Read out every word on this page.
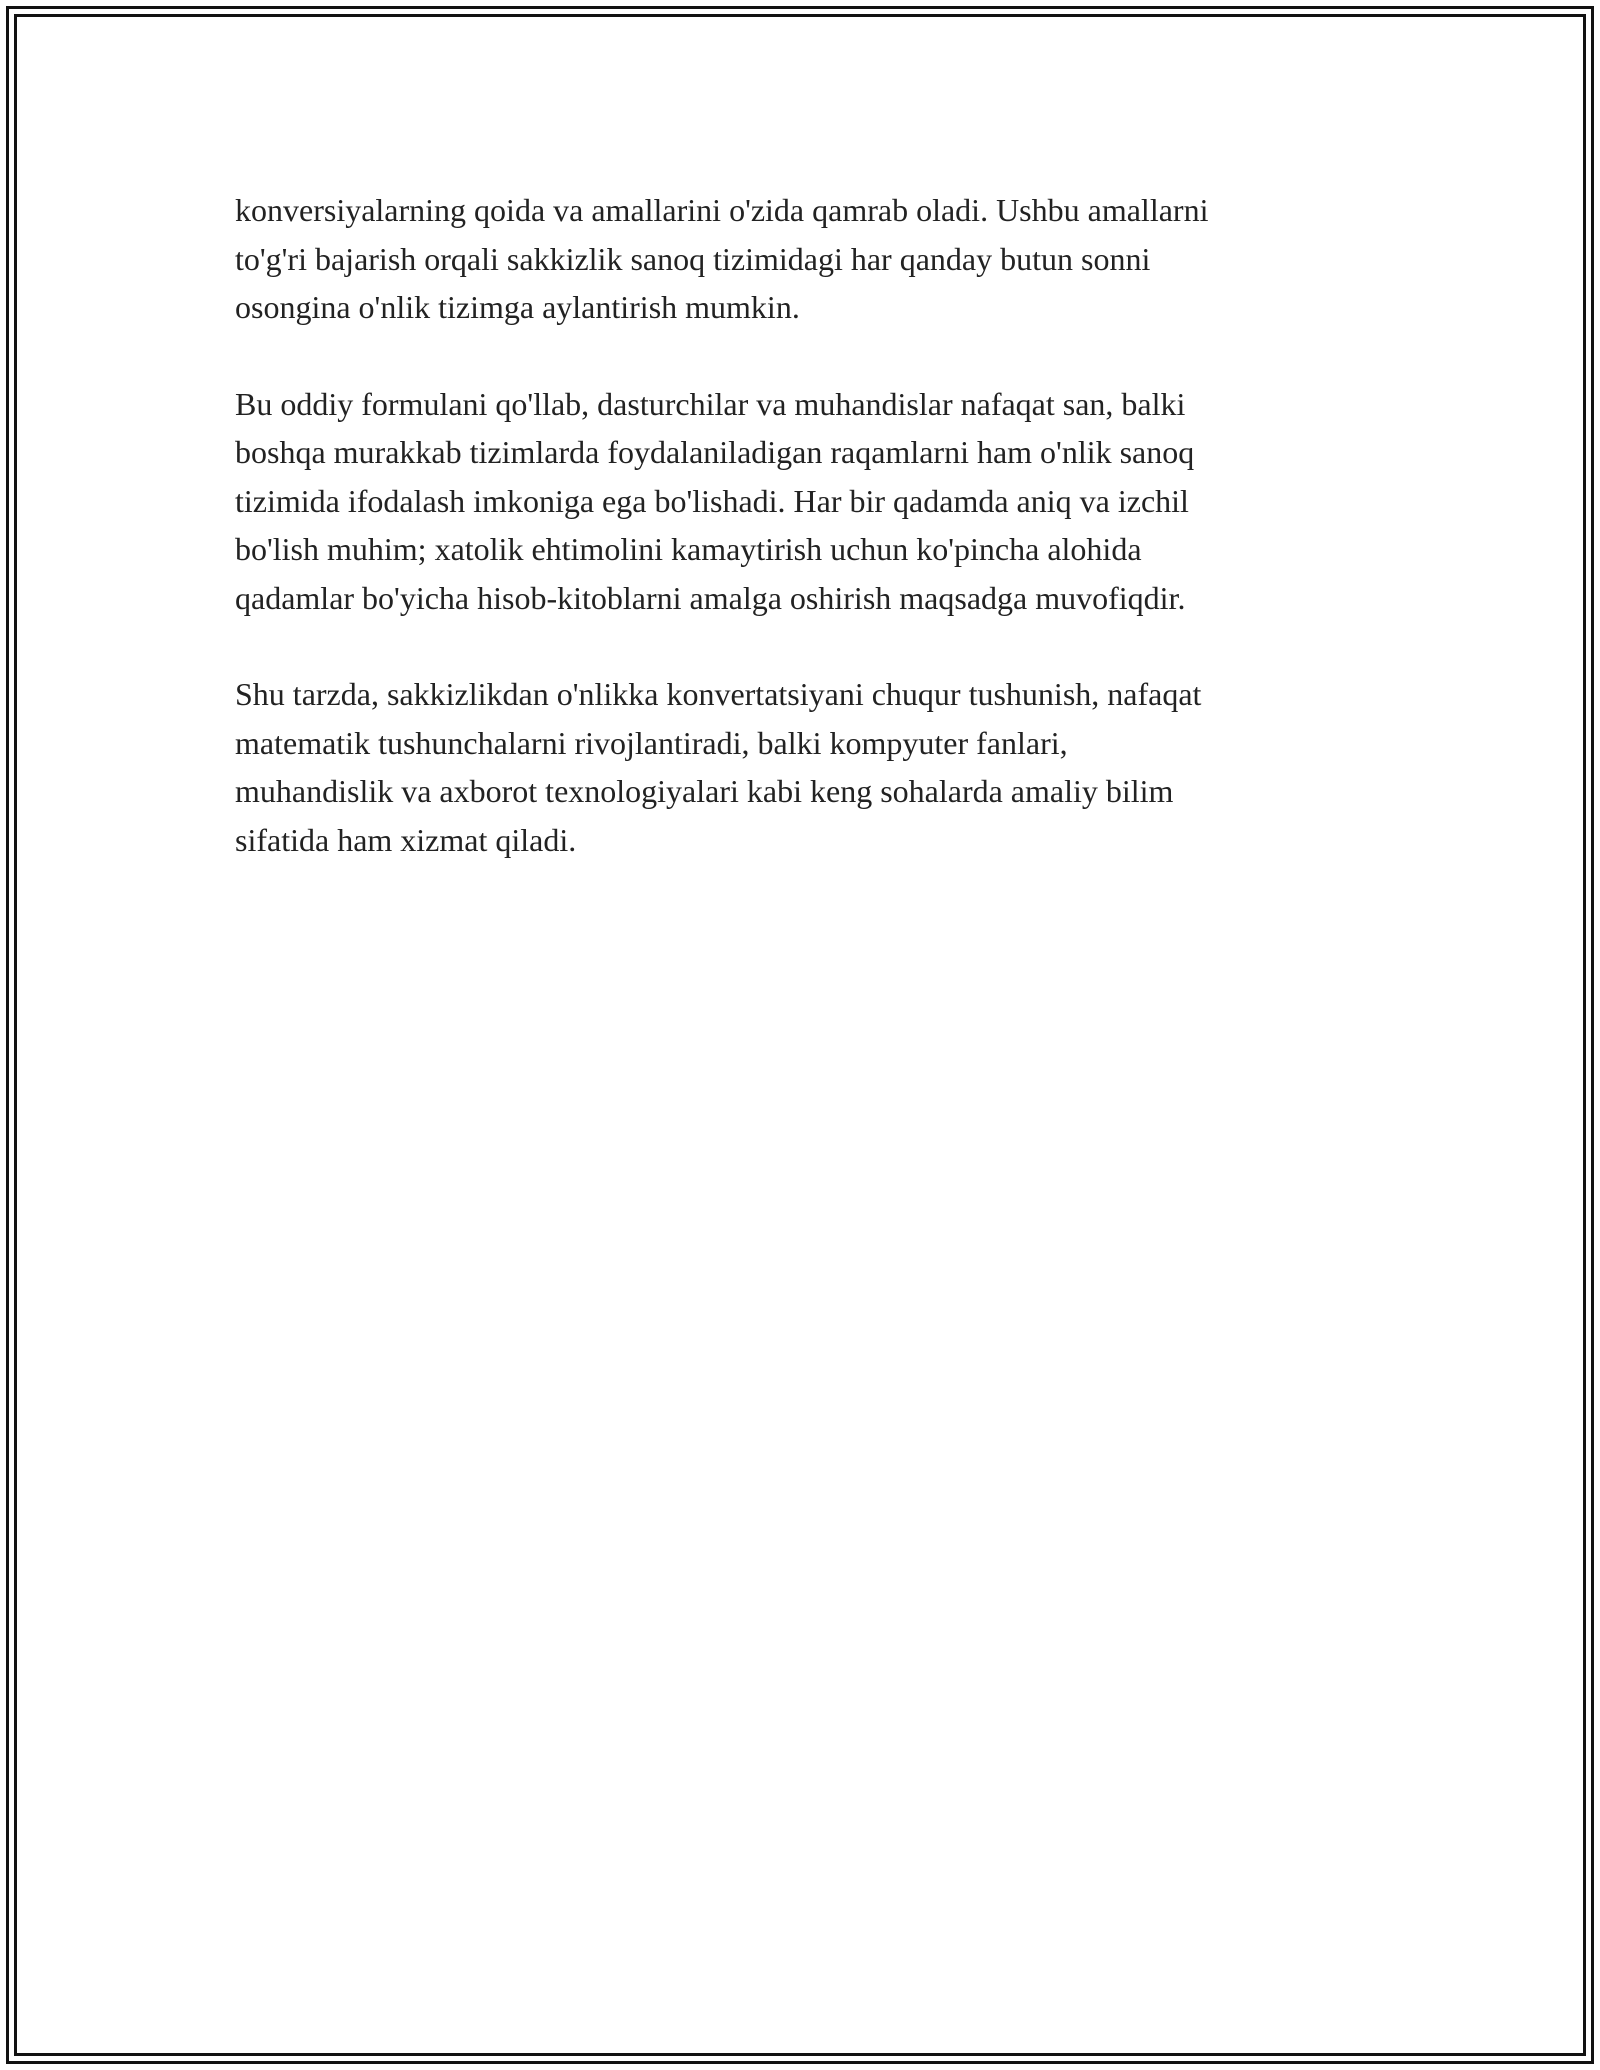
konversiyalarning qoida va amallarini o'zida qamrab oladi. Ushbu amallarni
to'g'ri bajarish orqali sakkizlik sanoq tizimidagi har qanday butun sonni
osongina o'nlik tizimga aylantirish mumkin.

Bu oddiy formulani qo'llab, dasturchilar va muhandislar nafaqat san, balki
boshqa murakkab tizimlarda foydalaniladigan raqamlarni ham o'nlik sanoq
tizimida ifodalash imkoniga ega bo'lishadi. Har bir qadamda aniq va izchil
bo'lish muhim; xatolik ehtimolini kamaytirish uchun ko'pincha alohida
qadamlar bo'yicha hisob-kitoblarni amalga oshirish maqsadga muvofiqdir.

Shu tarzda, sakkizlikdan o'nlikka konvertatsiyani chuqur tushunish, nafaqat
matematik tushunchalarni rivojlantiradi, balki kompyuter fanlari,
muhandislik va axborot texnologiyalari kabi keng sohalarda amaliy bilim
sifatida ham xizmat qiladi.
